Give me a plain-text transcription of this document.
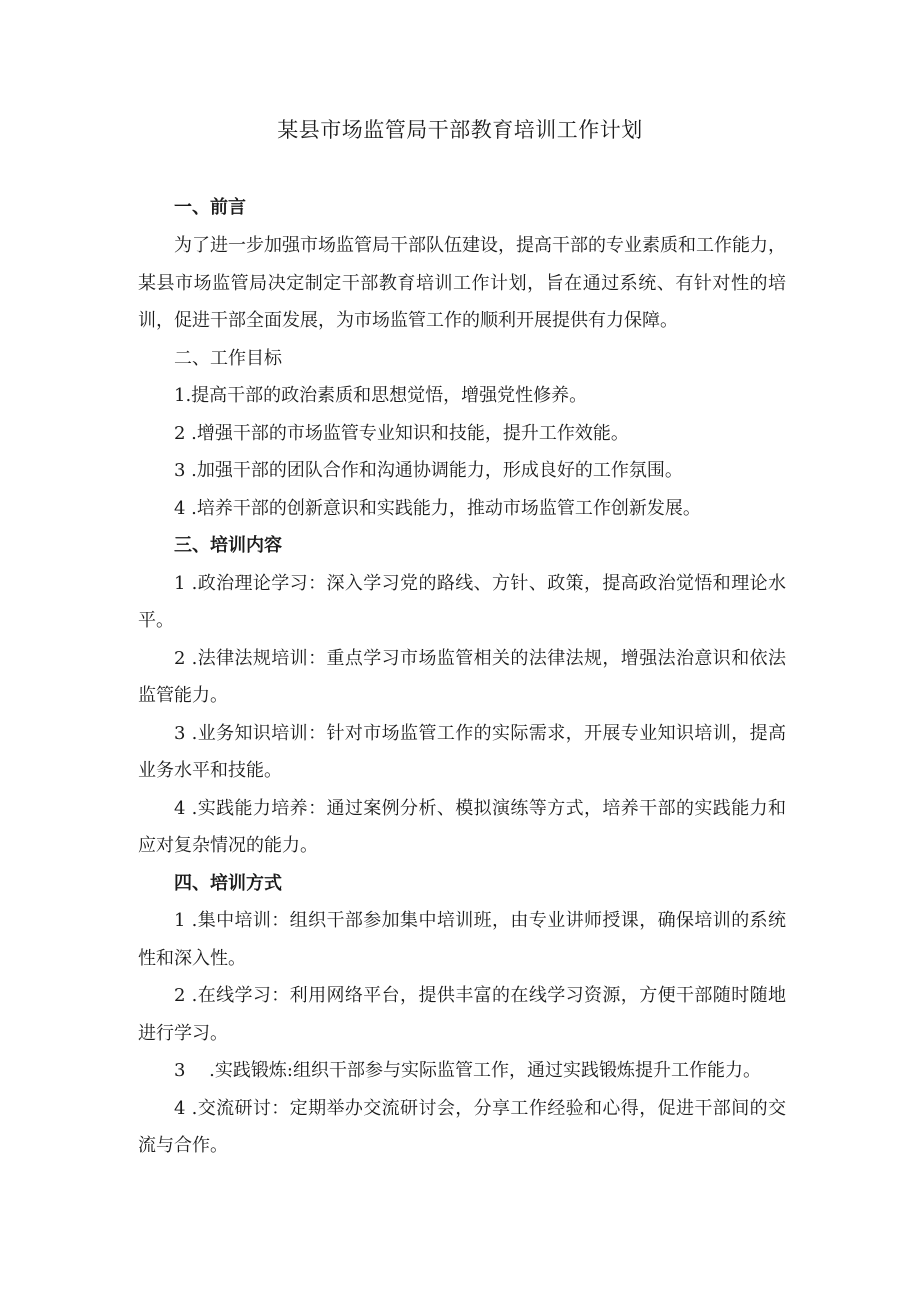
某县市场监管局干部教育培训工作计划

一、前言

为了进一步加强市场监管局干部队伍建设，提高干部的专业素质和工作能力，某县市场监管局决定制定干部教育培训工作计划，旨在通过系统、有针对性的培训，促进干部全面发展，为市场监管工作的顺利开展提供有力保障。

二、工作目标

1.提高干部的政治素质和思想觉悟，增强党性修养。

2 .增强干部的市场监管专业知识和技能，提升工作效能。

3 .加强干部的团队合作和沟通协调能力，形成良好的工作氛围。

4 .培养干部的创新意识和实践能力，推动市场监管工作创新发展。

三、培训内容

1 .政治理论学习：深入学习党的路线、方针、政策，提高政治觉悟和理论水平。

2 .法律法规培训：重点学习市场监管相关的法律法规，增强法治意识和依法监管能力。

3 .业务知识培训：针对市场监管工作的实际需求，开展专业知识培训，提高业务水平和技能。

4 .实践能力培养：通过案例分析、模拟演练等方式，培养干部的实践能力和应对复杂情况的能力。

四、培训方式

1 .集中培训：组织干部参加集中培训班，由专业讲师授课，确保培训的系统性和深入性。

2 .在线学习：利用网络平台，提供丰富的在线学习资源，方便干部随时随地进行学习。

3　 .实践锻炼:组织干部参与实际监管工作，通过实践锻炼提升工作能力。

4 .交流研讨：定期举办交流研讨会，分享工作经验和心得，促进干部间的交流与合作。
